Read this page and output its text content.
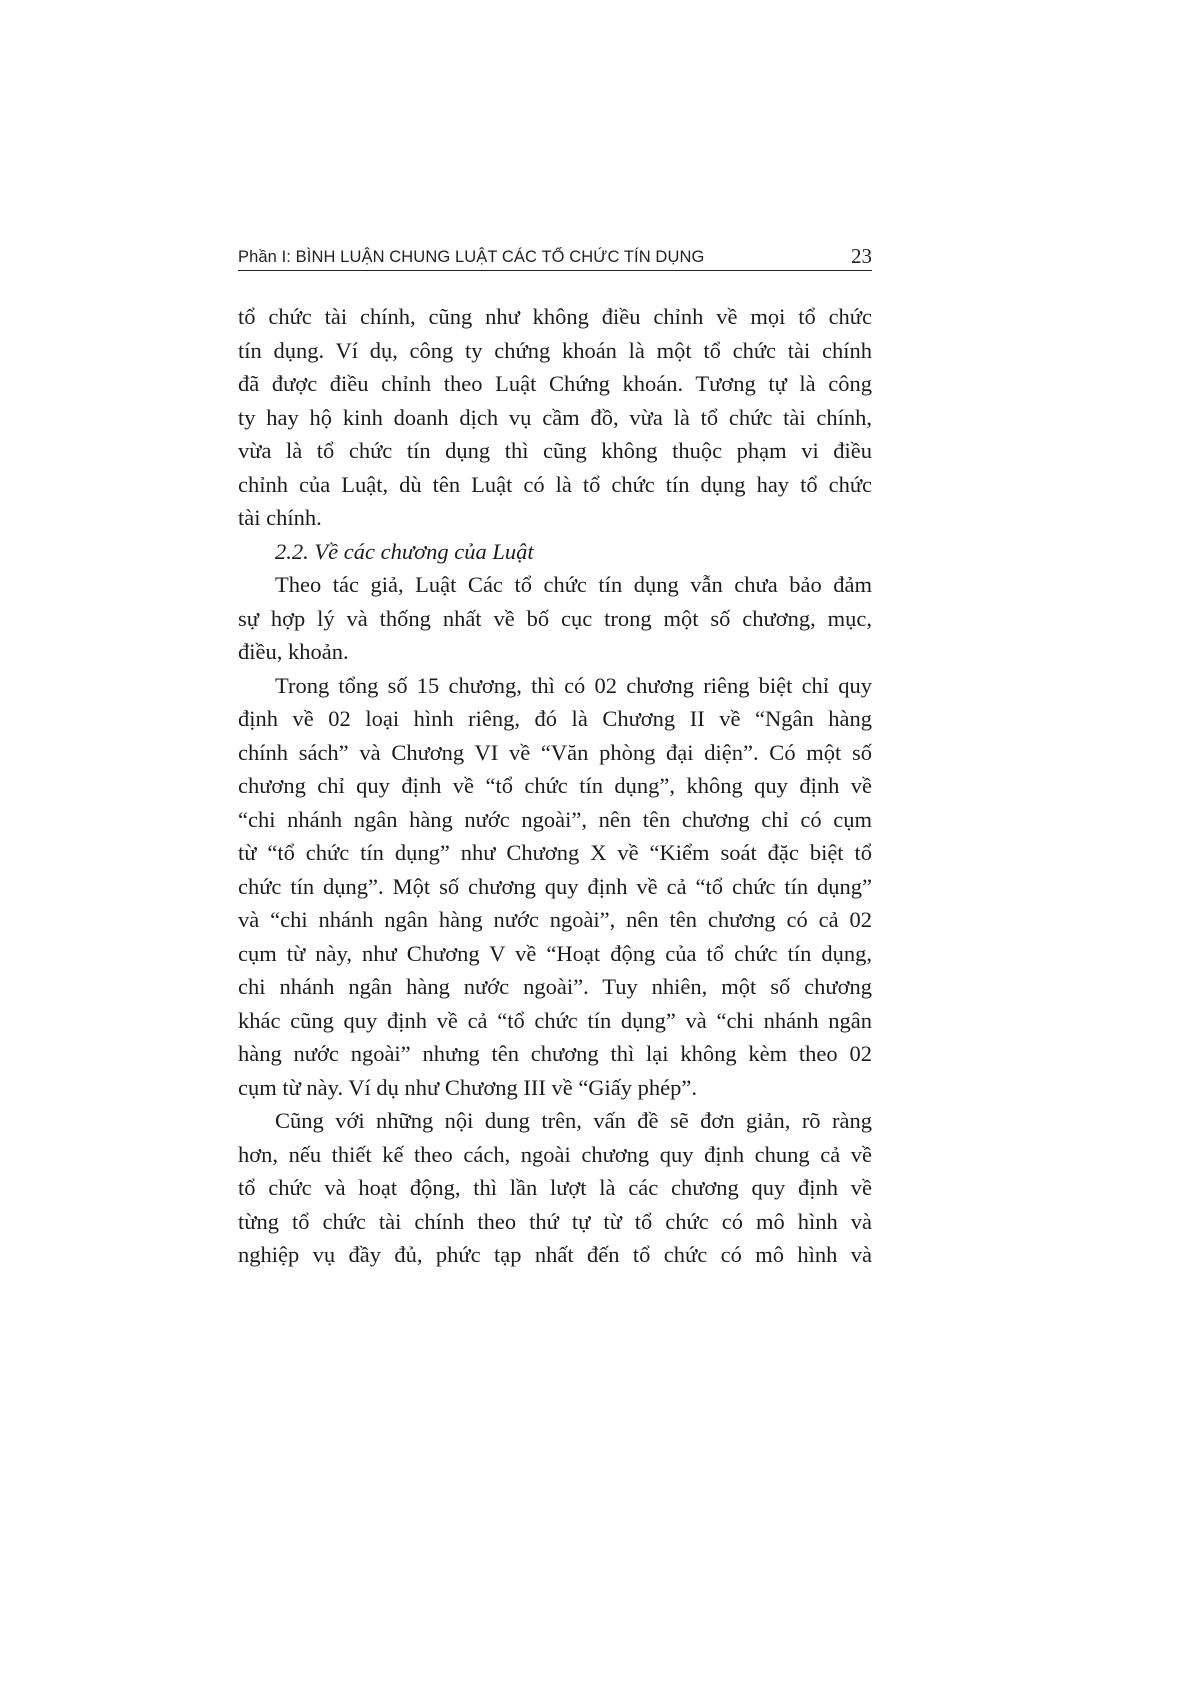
Phần I: BÌNH LUẬN CHUNG LUẬT CÁC TỔ CHỨC TÍN DỤNG	23
tổ chức tài chính, cũng như không điều chỉnh về mọi tổ chức
tín dụng. Ví dụ, công ty chứng khoán là một tổ chức tài chính
đã được điều chỉnh theo Luật Chứng khoán. Tương tự là công
ty hay hộ kinh doanh dịch vụ cầm đồ, vừa là tổ chức tài chính,
vừa là tổ chức tín dụng thì cũng không thuộc phạm vi điều
chỉnh của Luật, dù tên Luật có là tổ chức tín dụng hay tổ chức
tài chính.
2.2. Về các chương của Luật
Theo tác giả, Luật Các tổ chức tín dụng vẫn chưa bảo đảm
sự hợp lý và thống nhất về bố cục trong một số chương, mục,
điều, khoản.
Trong tổng số 15 chương, thì có 02 chương riêng biệt chỉ quy
định về 02 loại hình riêng, đó là Chương II về “Ngân hàng
chính sách” và Chương VI về “Văn phòng đại diện”. Có một số
chương chỉ quy định về “tổ chức tín dụng”, không quy định về
“chi nhánh ngân hàng nước ngoài”, nên tên chương chỉ có cụm
từ “tổ chức tín dụng” như Chương X về “Kiểm soát đặc biệt tổ
chức tín dụng”. Một số chương quy định về cả “tổ chức tín dụng”
và “chi nhánh ngân hàng nước ngoài”, nên tên chương có cả 02
cụm từ này, như Chương V về “Hoạt động của tổ chức tín dụng,
chi nhánh ngân hàng nước ngoài”. Tuy nhiên, một số chương
khác cũng quy định về cả “tổ chức tín dụng” và “chi nhánh ngân
hàng nước ngoài” nhưng tên chương thì lại không kèm theo 02
cụm từ này. Ví dụ như Chương III về “Giấy phép”.
Cũng với những nội dung trên, vấn đề sẽ đơn giản, rõ ràng
hơn, nếu thiết kế theo cách, ngoài chương quy định chung cả về
tổ chức và hoạt động, thì lần lượt là các chương quy định về
từng tổ chức tài chính theo thứ tự từ tổ chức có mô hình và
nghiệp vụ đầy đủ, phức tạp nhất đến tổ chức có mô hình và
